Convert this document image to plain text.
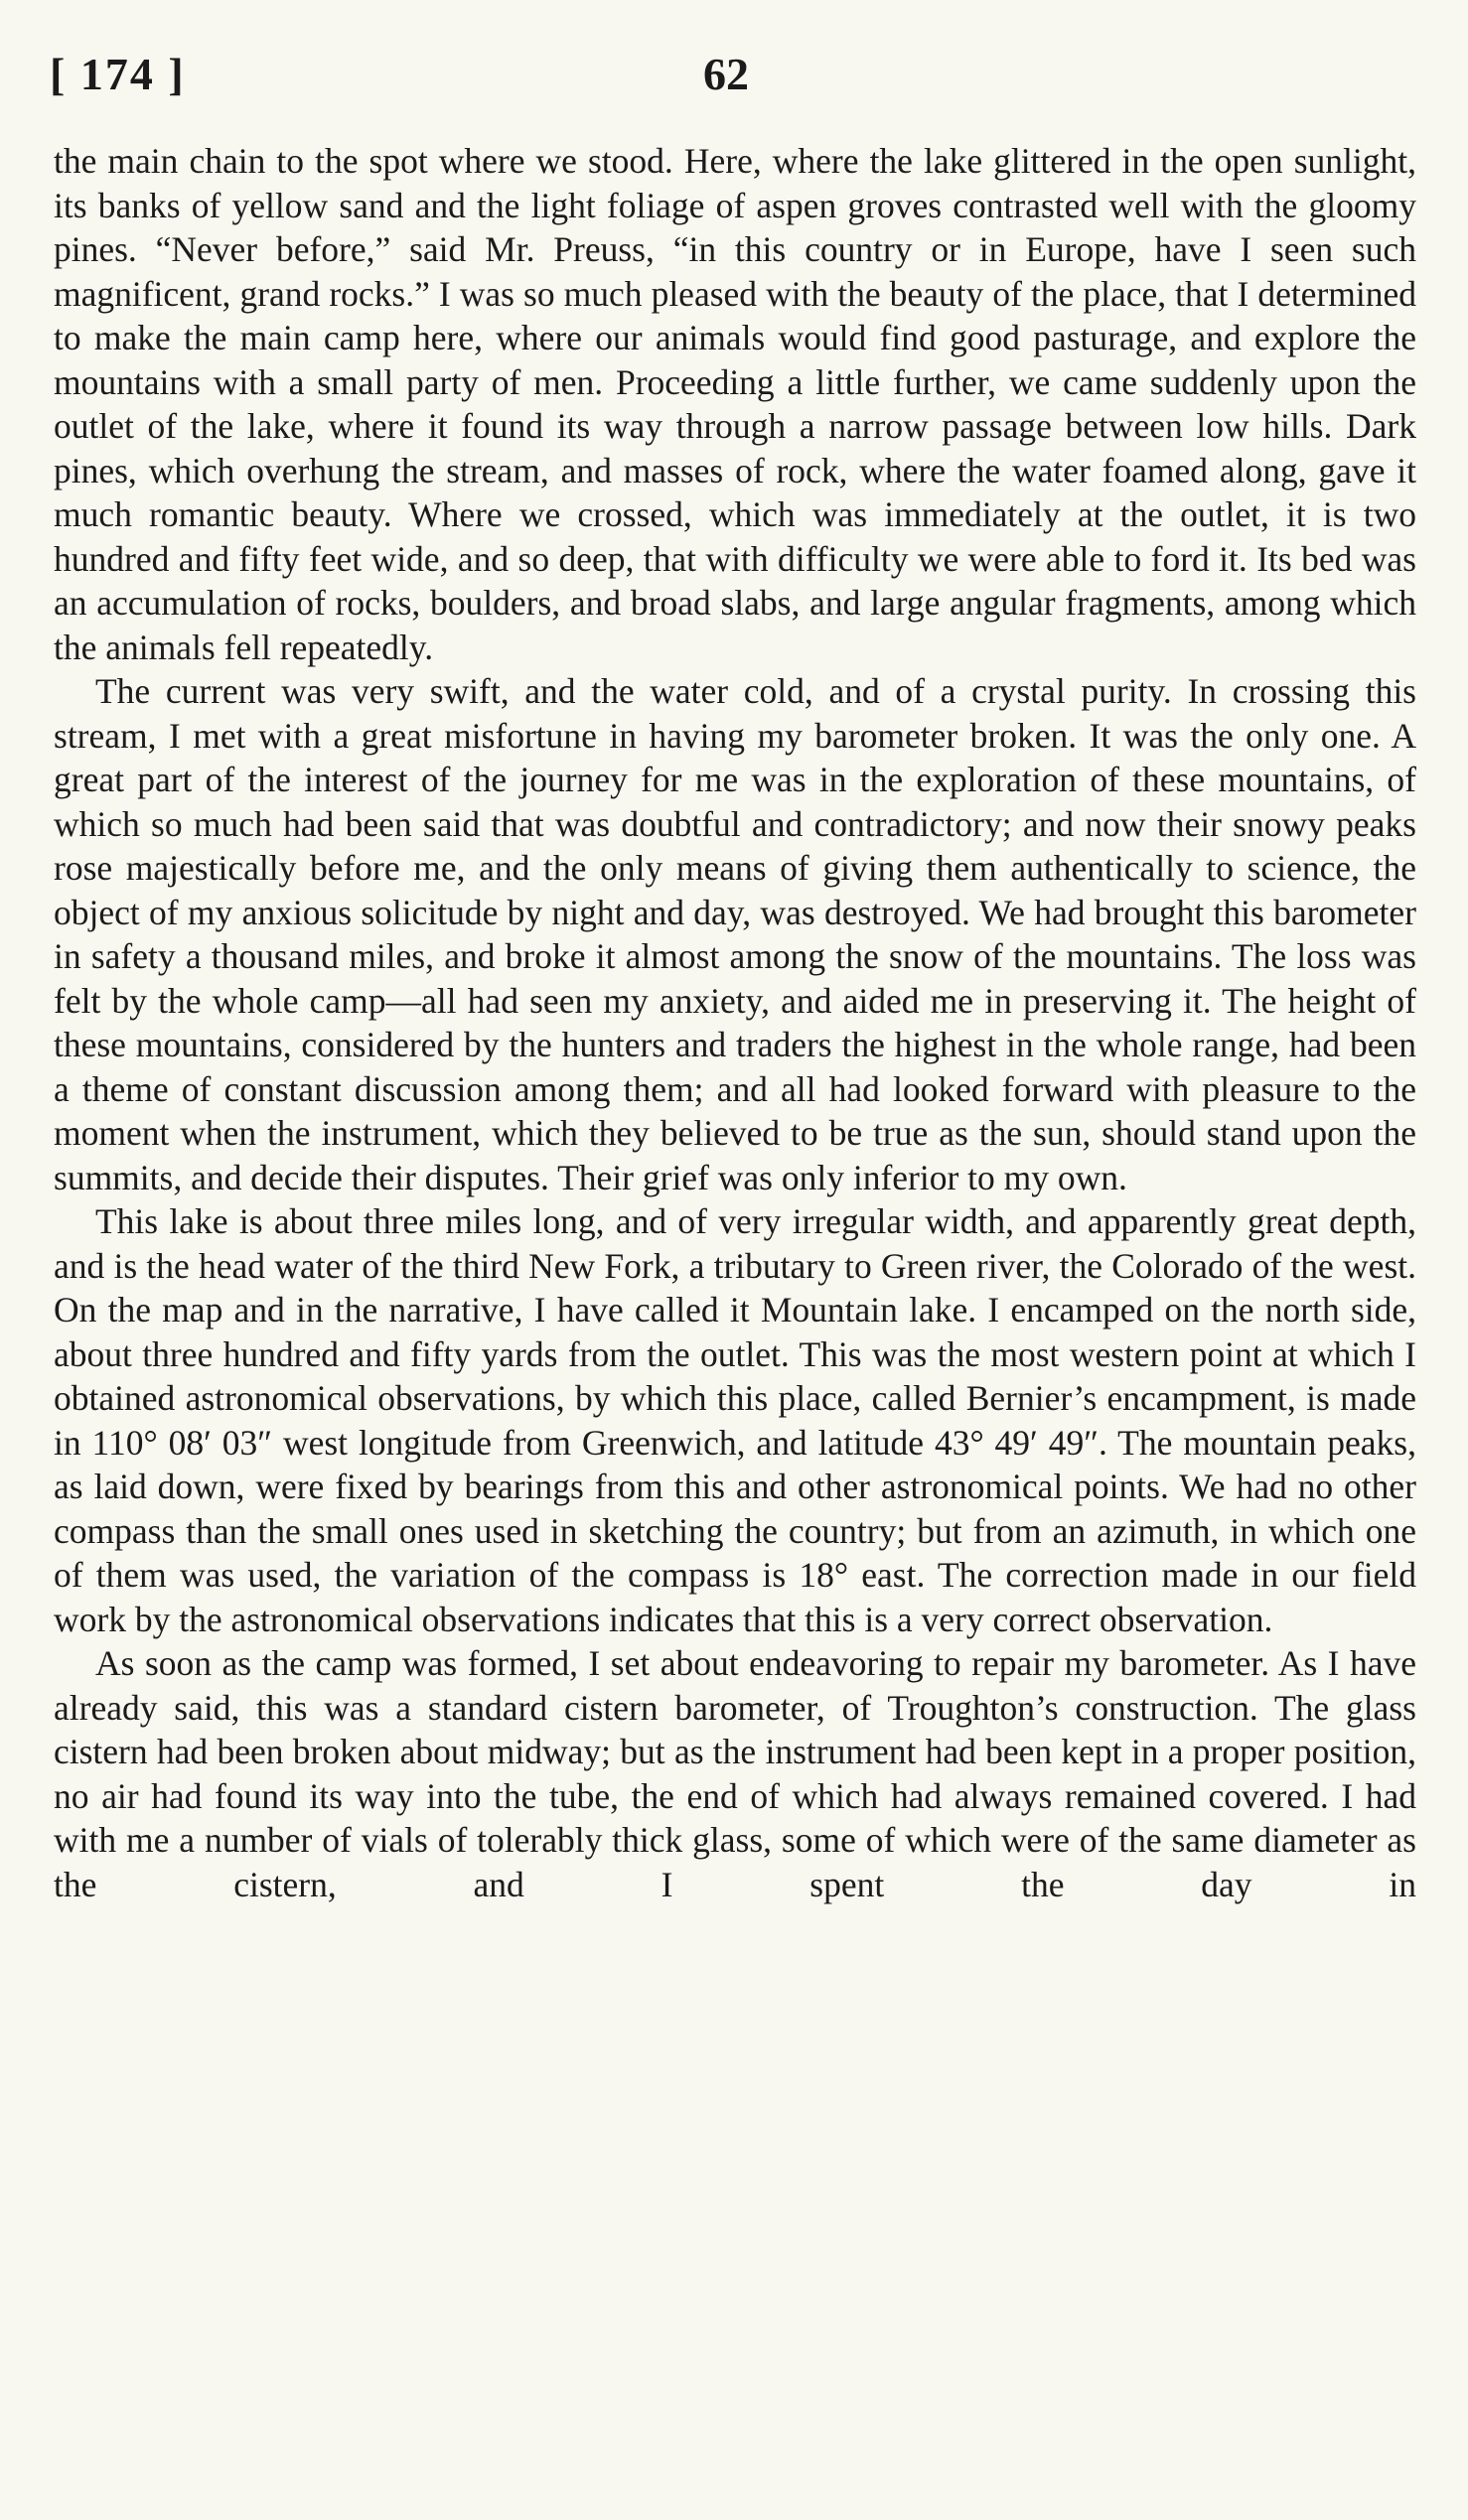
[ 174 ]	62

the main chain to the spot where we stood. Here, where the lake glittered in the open sunlight, its banks of yellow sand and the light foliage of aspen groves contrasted well with the gloomy pines. “Never before,” said Mr. Preuss, “in this country or in Europe, have I seen such magnificent, grand rocks.” I was so much pleased with the beauty of the place, that I determined to make the main camp here, where our animals would find good pasturage, and explore the mountains with a small party of men. Proceeding a little further, we came suddenly upon the outlet of the lake, where it found its way through a narrow passage between low hills. Dark pines, which overhung the stream, and masses of rock, where the water foamed along, gave it much romantic beauty. Where we crossed, which was immediately at the outlet, it is two hundred and fifty feet wide, and so deep, that with difficulty we were able to ford it. Its bed was an accumulation of rocks, boulders, and broad slabs, and large angular fragments, among which the animals fell repeatedly.

The current was very swift, and the water cold, and of a crystal purity. In crossing this stream, I met with a great misfortune in having my barometer broken. It was the only one. A great part of the interest of the journey for me was in the exploration of these mountains, of which so much had been said that was doubtful and contradictory; and now their snowy peaks rose majestically before me, and the only means of giving them authentically to science, the object of my anxious solicitude by night and day, was destroyed. We had brought this barometer in safety a thousand miles, and broke it almost among the snow of the mountains. The loss was felt by the whole camp—all had seen my anxiety, and aided me in preserving it. The height of these mountains, considered by the hunters and traders the highest in the whole range, had been a theme of constant discussion among them; and all had looked forward with pleasure to the moment when the instrument, which they believed to be true as the sun, should stand upon the summits, and decide their disputes. Their grief was only inferior to my own.

This lake is about three miles long, and of very irregular width, and apparently great depth, and is the head water of the third New Fork, a tributary to Green river, the Colorado of the west. On the map and in the narrative, I have called it Mountain lake. I encamped on the north side, about three hundred and fifty yards from the outlet. This was the most western point at which I obtained astronomical observations, by which this place, called Bernier’s encampment, is made in 110° 08′ 03″ west longitude from Greenwich, and latitude 43° 49′ 49″. The mountain peaks, as laid down, were fixed by bearings from this and other astronomical points. We had no other compass than the small ones used in sketching the country; but from an azimuth, in which one of them was used, the variation of the compass is 18° east. The correction made in our field work by the astronomical observations indicates that this is a very correct observation.

As soon as the camp was formed, I set about endeavoring to repair my barometer. As I have already said, this was a standard cistern barometer, of Troughton’s construction. The glass cistern had been broken about midway; but as the instrument had been kept in a proper position, no air had found its way into the tube, the end of which had always remained covered. I had with me a number of vials of tolerably thick glass, some of which were of the same diameter as the cistern, and I spent the day in
